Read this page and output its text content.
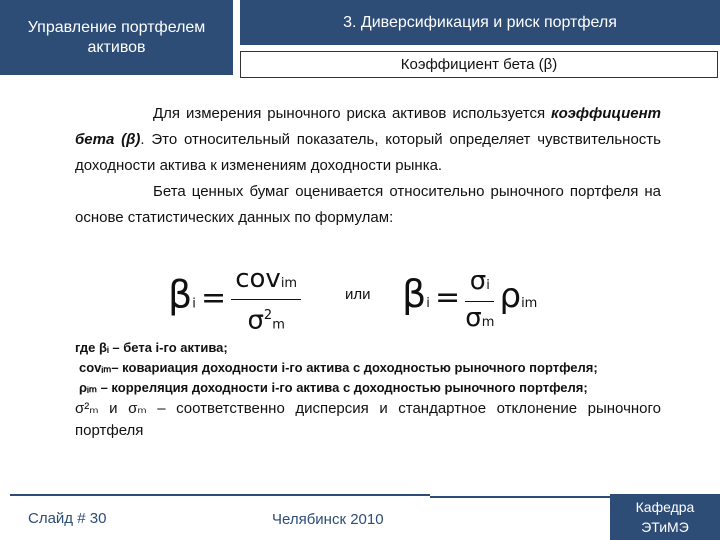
Управление портфелем активов
3. Диверсификация и риск портфеля
Коэффициент бета (β)

Для измерения рыночного риска активов используется коэффициент бета (β). Это относительный показатель, который определяет чувствительность доходности актива к изменениям доходности рынка.

Бета ценных бумаг оценивается относительно рыночного портфеля на основе статистических данных по формулам:

$\beta i = \frac{\text{covim}}{\sigma^2m}$	или $\beta i = \frac{\sigma i}{\sigma m}$ ρim

где βᵢ – бета i-го актива;

covᵢₘ– ковариация доходности i-го актива с доходностью рыночного портфеля;

ρᵢₘ – корреляция доходности i-го актива с доходностью рыночного портфеля;

σ²ₘ и σₘ – соответственно дисперсия и стандартное отклонение рыночного портфеля

Слайд # 30	Челябинск 2010
Кафедра
ЭТиМЭ
